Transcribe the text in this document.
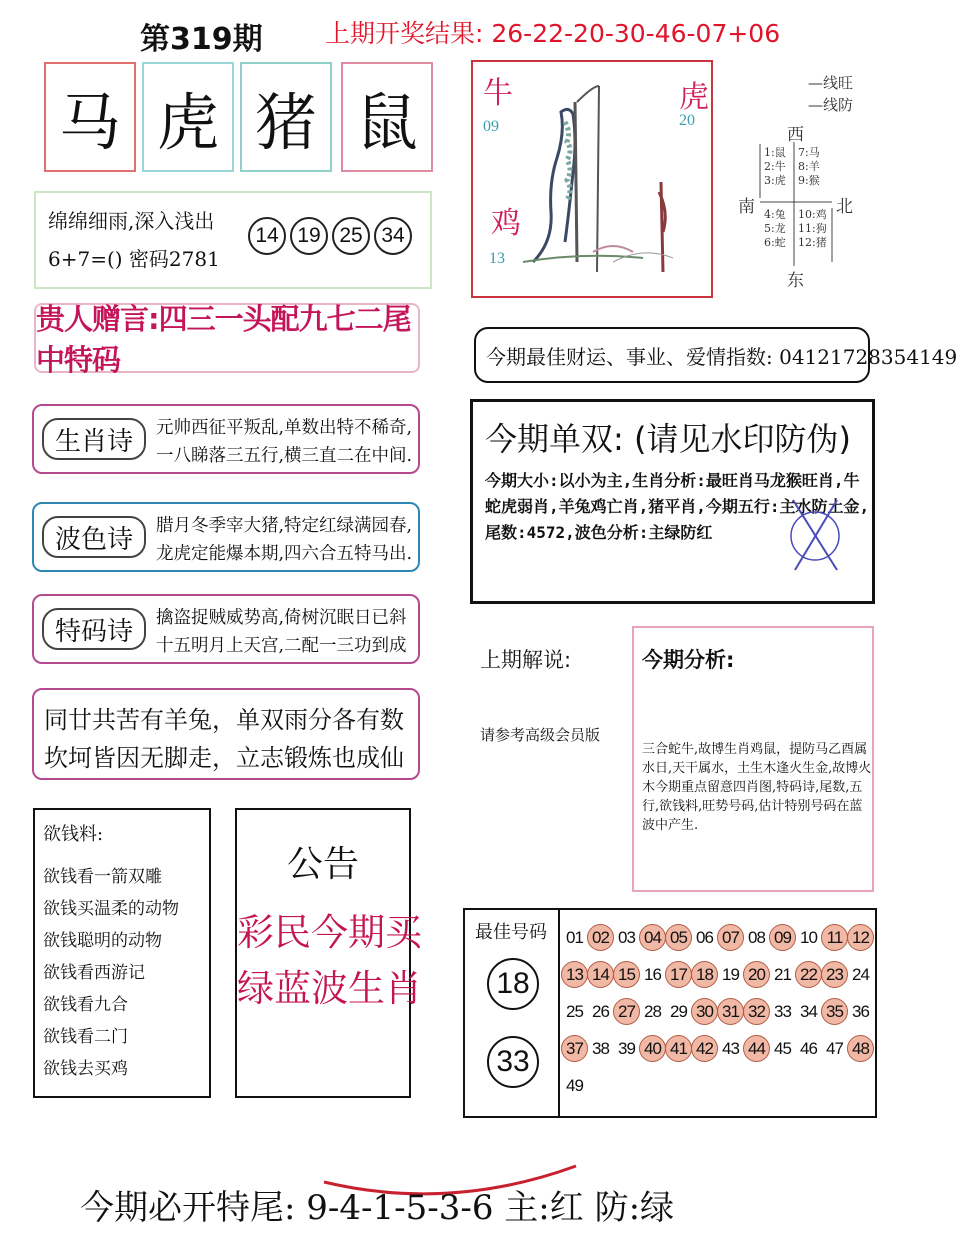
第319期 上期开奖结果: 26-22-20-30-46-07+06
马 虎 猪 鼠
绵绵细雨,深入浅出
6+7=() 密码2781
14 19 25 34
贵人赠言:四三一头配九七二尾中特码
生肖诗	元帅西征平叛乱,单数出特不稀奇,
一八睇落三五行,横三直二在中间.
波色诗	腊月冬季宰大猪,特定红绿满园春,
龙虎定能爆本期,四六合五特马出.
特码诗	擒盗捉贼威势高,倚树沉眠日已斜
十五明月上天宫,二配一三功到成
同廿共苦有羊兔，单双雨分各有数
坎坷皆因无脚走，立志锻炼也成仙
欲钱料:
欲钱看一箭双雕
欲钱买温柔的动物
欲钱聪明的动物
欲钱看西游记
欲钱看九合
欲钱看二门
欲钱去买鸡
公告
彩民今期买
绿蓝波生肖
牛
09
虎
20
鸡
13
—线旺
—线防
西
南	北
东
1:鼠
2:牛
3:虎
7:马
8:羊
9:猴
4:兔
5:龙
6:蛇
10:鸡
11:狗
12:猪
今期最佳财运、事业、爱情指数: 04121728354149
今期单双: (请见水印防伪)
今期大小:以小为主,生肖分析:最旺肖马龙猴旺肖,牛蛇虎弱肖,羊兔鸡亡肖,猪平肖,今期五行:主水防土金,尾数:4572,波色分析:主绿防红
上期解说:
请参考高级会员版
今期分析:
三合蛇牛,故博生肖鸡鼠，提防马乙酉属水日,天干属水，土生木逢火生金,故博火木今期重点留意四肖图,特码诗,尾数,五行,欲钱料,旺势号码,估计特别号码在蓝波中产生.
最佳号码
18
33
01 02 03 04 05 06 07 08 09 10 11 12
13 14 15 16 17 18 19 20 21 22 23 24
25 26 27 28 29 30 31 32 33 34 35 36
37 38 39 40 41 42 43 44 45 46 47 48
49
今期必开特尾: 9-4-1-5-3-6 主:红 防:绿
